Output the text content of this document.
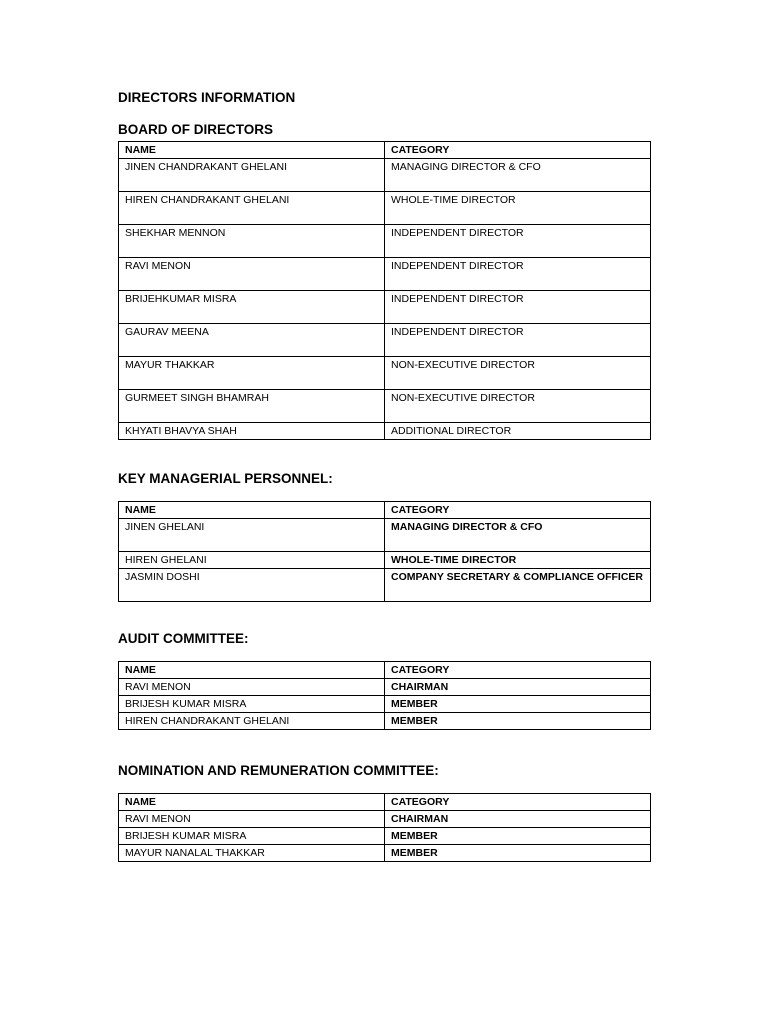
DIRECTORS INFORMATION
BOARD OF DIRECTORS
NAME	CATEGORY
JINEN CHANDRAKANT GHELANI	MANAGING DIRECTOR & CFO
HIREN CHANDRAKANT GHELANI	WHOLE-TIME DIRECTOR
SHEKHAR MENNON	INDEPENDENT DIRECTOR
RAVI MENON	INDEPENDENT DIRECTOR
BRIJEHKUMAR MISRA	INDEPENDENT DIRECTOR
GAURAV MEENA	INDEPENDENT DIRECTOR
MAYUR THAKKAR	NON-EXECUTIVE DIRECTOR
GURMEET SINGH BHAMRAH	NON-EXECUTIVE DIRECTOR
KHYATI BHAVYA SHAH	ADDITIONAL DIRECTOR
KEY MANAGERIAL PERSONNEL:
NAME	CATEGORY
JINEN GHELANI	MANAGING DIRECTOR & CFO
HIREN GHELANI	WHOLE-TIME DIRECTOR
JASMIN DOSHI	COMPANY SECRETARY & COMPLIANCE OFFICER
AUDIT COMMITTEE:
NAME	CATEGORY
RAVI MENON	CHAIRMAN
BRIJESH KUMAR MISRA	MEMBER
HIREN CHANDRAKANT GHELANI	MEMBER
NOMINATION AND REMUNERATION COMMITTEE:
NAME	CATEGORY
RAVI MENON	CHAIRMAN
BRIJESH KUMAR MISRA	MEMBER
MAYUR NANALAL THAKKAR	MEMBER
